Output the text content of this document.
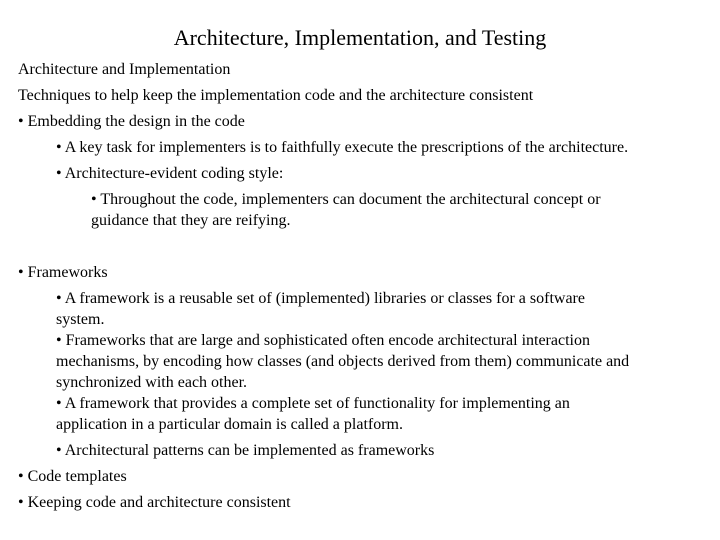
Architecture, Implementation, and Testing

Architecture and Implementation

Techniques to help keep the implementation code and the architecture consistent

• Embedding the design in the code

• A key task for implementers is to faithfully execute the prescriptions of the architecture.

• Architecture-evident coding style:

• Throughout the code, implementers can document the architectural concept or

guidance that they are reifying.

• Frameworks

• A framework is a reusable set of (implemented) libraries or classes for a software

system.

• Frameworks that are large and sophisticated often encode architectural interaction

mechanisms, by encoding how classes (and objects derived from them) communicate and

synchronized with each other.

• A framework that provides a complete set of functionality for implementing an

application in a particular domain is called a platform.

• Architectural patterns can be implemented as frameworks

• Code templates

• Keeping code and architecture consistent
